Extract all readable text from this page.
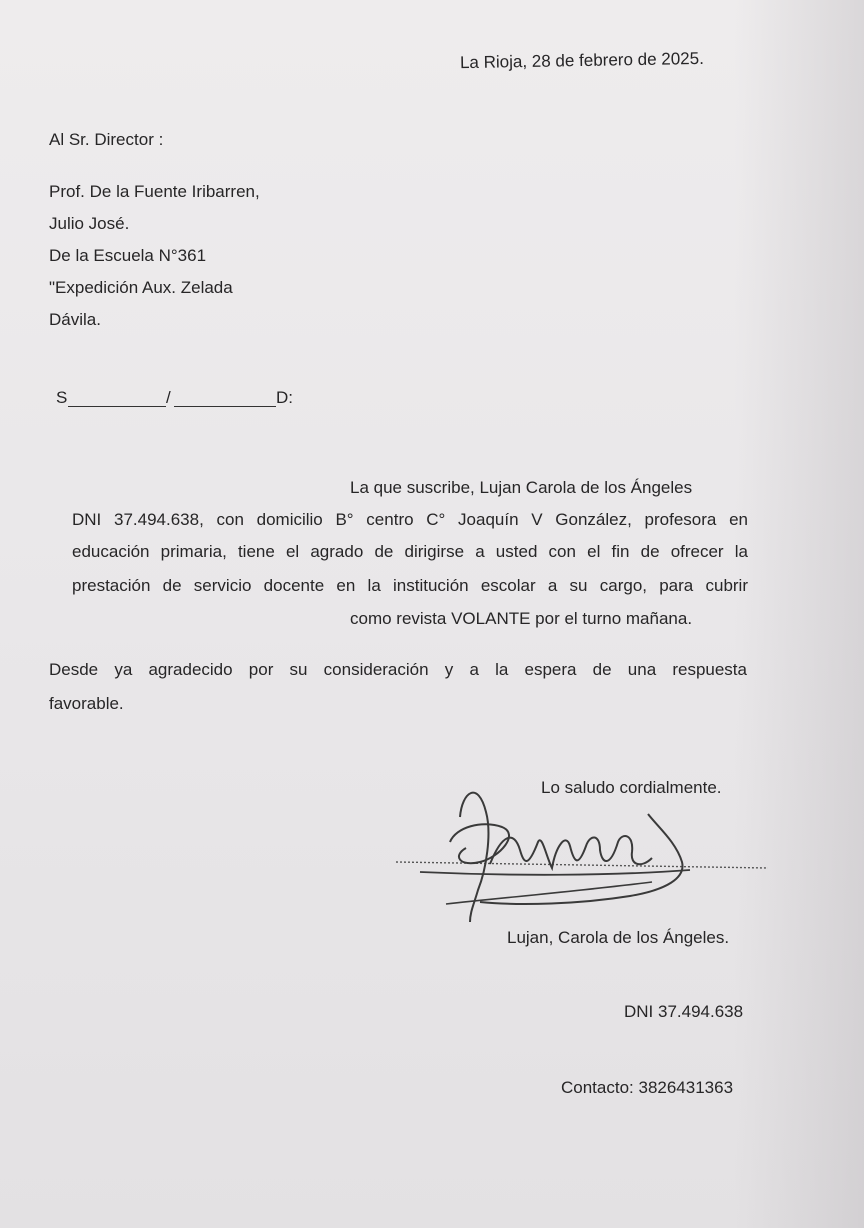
La Rioja, 28 de febrero de 2025.

Al Sr. Director :

Prof. De la Fuente Iribarren,

Julio José.

De la Escuela N°361

"Expedición Aux. Zelada

Dávila.

S	/	D:

La que suscribe, Lujan Carola de los Ángeles

DNI 37.494.638, con domicilio B° centro C° Joaquín V González, profesora en
educación primaria, tiene el agrado de dirigirse a usted con el fin de ofrecer la
prestación de servicio docente en la institución escolar a su cargo, para cubrir

como revista VOLANTE por el turno mañana.

Desde ya agradecido por su consideración y a la espera de una respuesta

favorable.

Lo saludo cordialmente.

Lujan, Carola de los Ángeles.

DNI 37.494.638

Contacto: 3826431363
